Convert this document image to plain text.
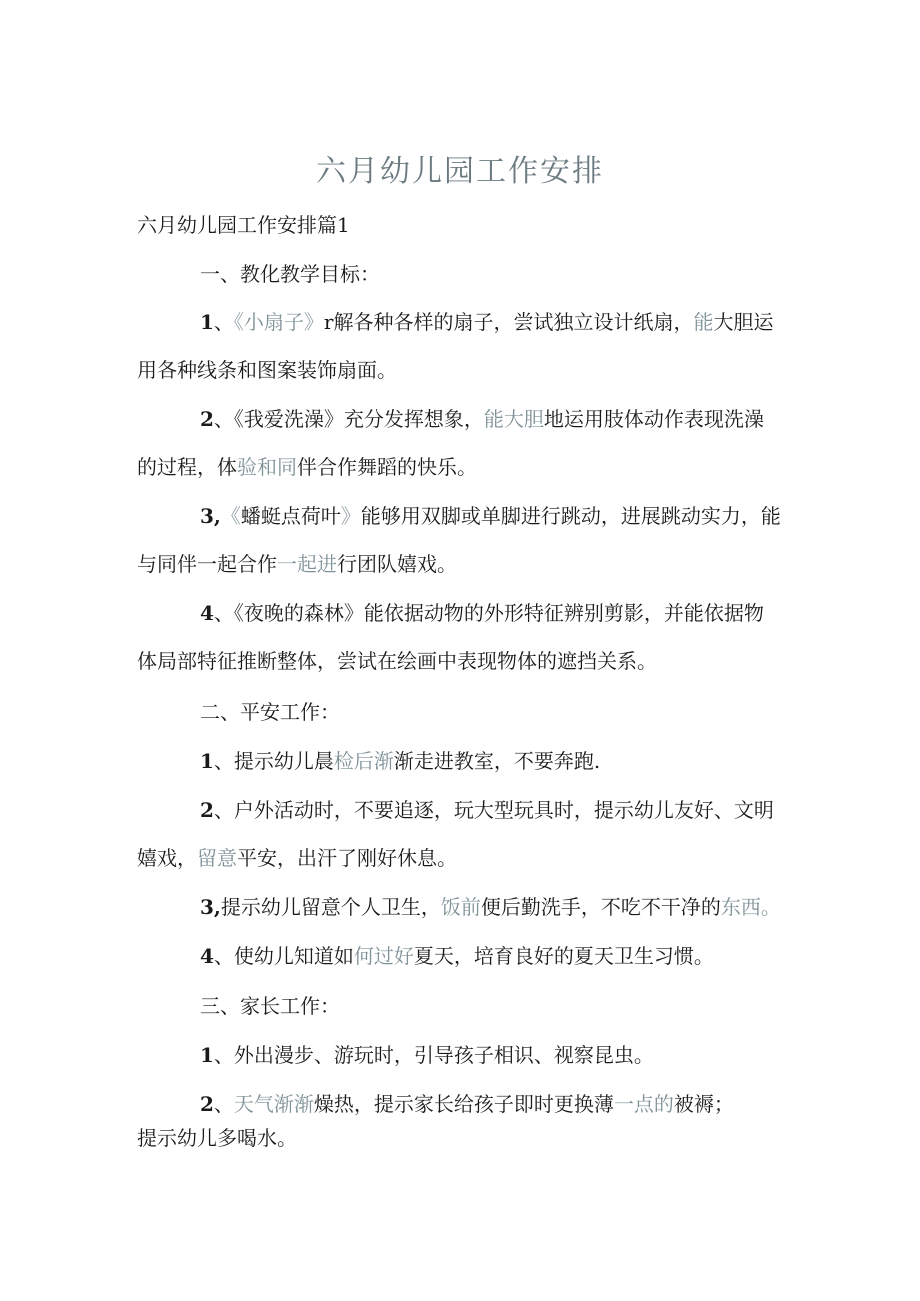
六月幼儿园工作安排

六月幼儿园工作安排篇1

一、教化教学目标：

1、《小扇子》r解各种各样的扇子，尝试独立设计纸扇，能大胆运

用各种线条和图案装饰扇面。

2、《我爱洗澡》充分发挥想象，能大胆地运用肢体动作表现洗澡

的过程，体验和同伴合作舞蹈的快乐。

3,《蟠蜓点荷叶》能够用双脚或单脚进行跳动，进展跳动实力，能

与同伴一起合作一起进行团队嬉戏。

4、《夜晚的森林》能依据动物的外形特征辨别剪影，并能依据物

体局部特征推断整体，尝试在绘画中表现物体的遮挡关系。

二、平安工作：

1、提示幼儿晨检后渐渐走进教室，不要奔跑.

2、户外活动时，不要追逐，玩大型玩具时，提示幼儿友好、文明

嬉戏，留意平安，出汗了刚好休息。

3,提示幼儿留意个人卫生，饭前便后勤洗手，不吃不干净的东西。

4、使幼儿知道如何过好夏天，培育良好的夏天卫生习惯。

三、家长工作：

1、外出漫步、游玩时，引导孩子相识、视察昆虫。

2、天气渐渐燥热，提示家长给孩子即时更换薄一点的被褥；

提示幼儿多喝水。
